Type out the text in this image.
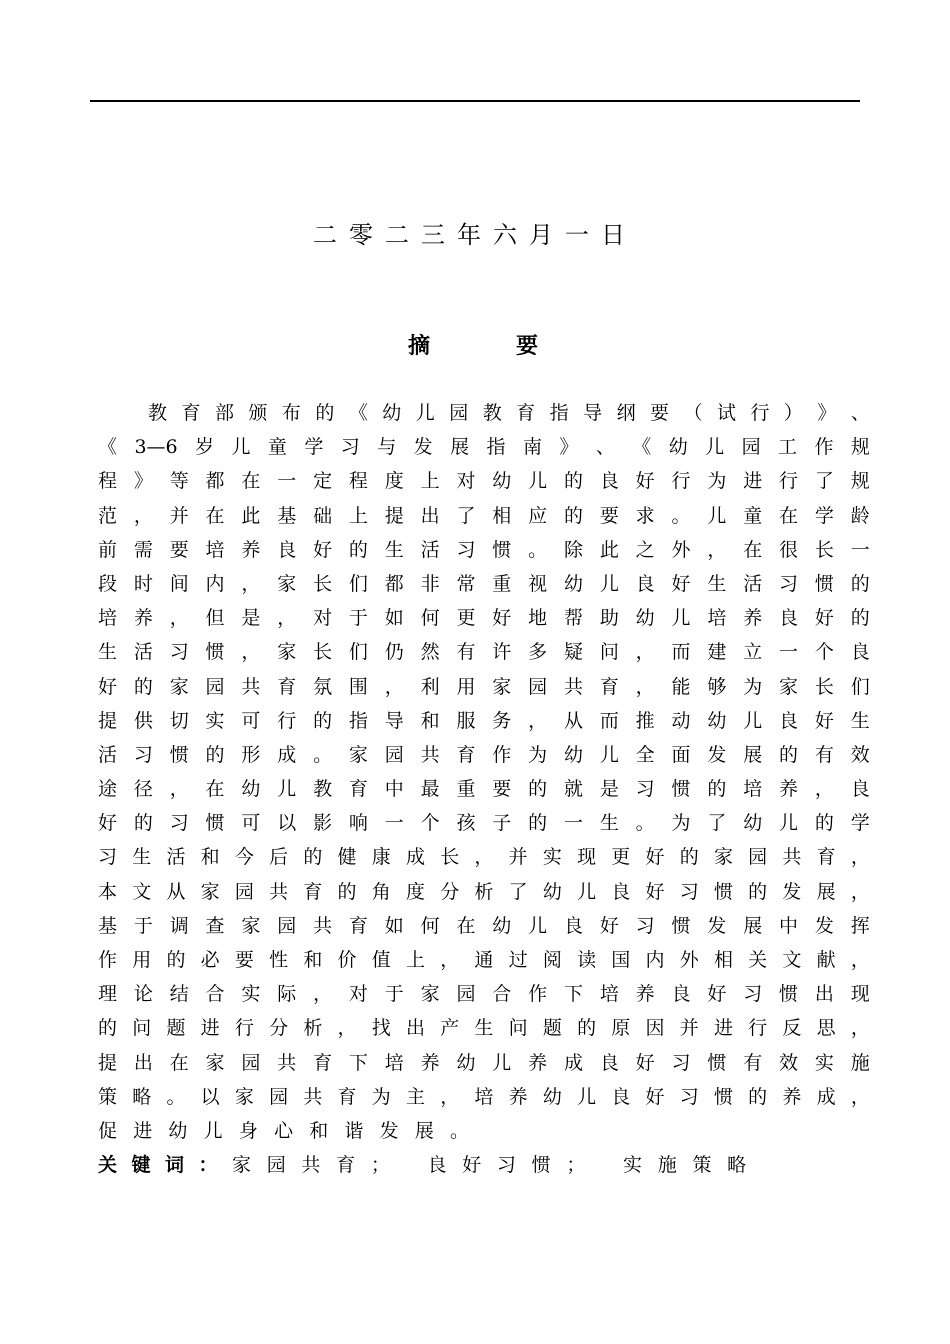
二零二三年六月一日
摘	要
教 育 部 颁 布 的 《 幼 儿 园 教 育 指 导 纲 要 （ 试 行 ） 》 、
《 3—6 岁 儿 童 学 习 与 发 展 指 南 》 、 《 幼 儿 园 工 作 规
程 》 等 都 在 一 定 程 度 上 对 幼 儿 的 良 好 行 为 进 行 了 规
范 ， 并 在 此 基 础 上 提 出 了 相 应 的 要 求 。 儿 童 在 学 龄
前 需 要 培 养 良 好 的 生 活 习 惯 。 除 此 之 外 ， 在 很 长 一
段 时 间 内 ， 家 长 们 都 非 常 重 视 幼 儿 良 好 生 活 习 惯 的
培 养 ， 但 是 ， 对 于 如 何 更 好 地 帮 助 幼 儿 培 养 良 好 的
生 活 习 惯 ， 家 长 们 仍 然 有 许 多 疑 问 ， 而 建 立 一 个 良
好 的 家 园 共 育 氛 围 ， 利 用 家 园 共 育 ， 能 够 为 家 长 们
提 供 切 实 可 行 的 指 导 和 服 务 ， 从 而 推 动 幼 儿 良 好 生
活 习 惯 的 形 成 。 家 园 共 育 作 为 幼 儿 全 面 发 展 的 有 效
途 径 ， 在 幼 儿 教 育 中 最 重 要 的 就 是 习 惯 的 培 养 ， 良
好 的 习 惯 可 以 影 响 一 个 孩 子 的 一 生 。 为 了 幼 儿 的 学
习 生 活 和 今 后 的 健 康 成 长 ， 并 实 现 更 好 的 家 园 共 育 ，
本 文 从 家 园 共 育 的 角 度 分 析 了 幼 儿 良 好 习 惯 的 发 展 ，
基 于 调 查 家 园 共 育 如 何 在 幼 儿 良 好 习 惯 发 展 中 发 挥
作 用 的 必 要 性 和 价 值 上 ， 通 过 阅 读 国 内 外 相 关 文 献 ，
理 论 结 合 实 际 ， 对 于 家 园 合 作 下 培 养 良 好 习 惯 出 现
的 问 题 进 行 分 析 ， 找 出 产 生 问 题 的 原 因 并 进 行 反 思 ，
提 出 在 家 园 共 育 下 培 养 幼 儿 养 成 良 好 习 惯 有 效 实 施
策 略 。 以 家 园 共 育 为 主 ， 培 养 幼 儿 良 好 习 惯 的 养 成 ，
促 进 幼 儿 身 心 和 谐 发 展 。
关键词： 家园共育； 良好习惯； 实施策略
